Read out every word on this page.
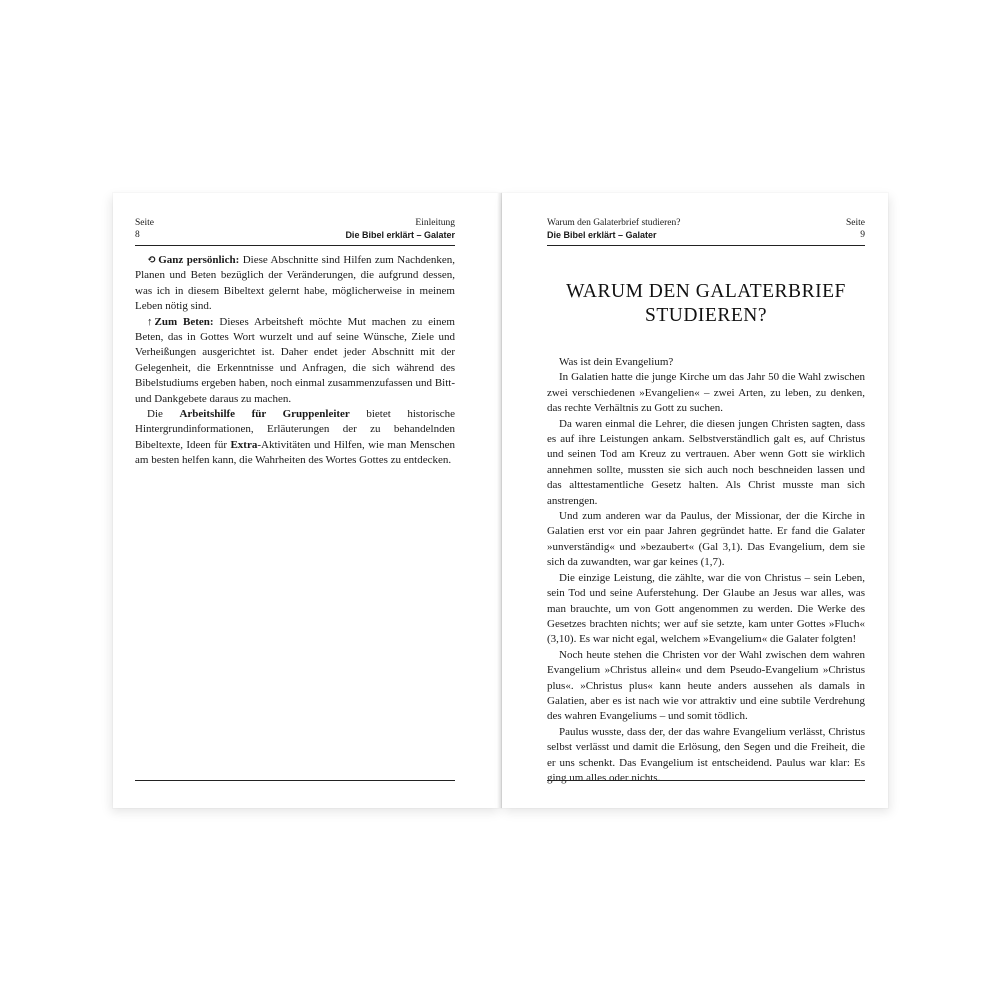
Seite	Einleitung
8	Die Bibel erklärt – Galater

⟲ Ganz persönlich: Diese Abschnitte sind Hilfen zum Nachdenken, Planen und Beten bezüglich der Veränderungen, die aufgrund dessen, was ich in diesem Bibeltext gelernt habe, möglicherweise in meinem Leben nötig sind.

↑ Zum Beten: Dieses Arbeitsheft möchte Mut machen zu einem Beten, das in Gottes Wort wurzelt und auf seine Wünsche, Ziele und Verheißungen ausgerichtet ist. Daher endet jeder Abschnitt mit der Gelegenheit, die Erkenntnisse und Anfragen, die sich während des Bibelstudiums ergeben haben, noch einmal zusammenzufassen und Bitt- und Dankgebete daraus zu machen.

Die Arbeitshilfe für Gruppenleiter bietet historische Hintergrundinformationen, Erläuterungen der zu behandelnden Bibeltexte, Ideen für Extra-Aktivitäten und Hilfen, wie man Menschen am besten helfen kann, die Wahrheiten des Wortes Gottes zu entdecken.

Warum den Galaterbrief studieren?	Seite
Die Bibel erklärt – Galater	9
WARUM DEN GALATERBRIEF
STUDIEREN?

Was ist dein Evangelium?

In Galatien hatte die junge Kirche um das Jahr 50 die Wahl zwischen zwei verschiedenen »Evangelien« – zwei Arten, zu leben, zu denken, das rechte Verhältnis zu Gott zu suchen.

Da waren einmal die Lehrer, die diesen jungen Christen sagten, dass es auf ihre Leistungen ankam. Selbstverständlich galt es, auf Christus und seinen Tod am Kreuz zu vertrauen. Aber wenn Gott sie wirklich annehmen sollte, mussten sie sich auch noch beschneiden lassen und das alttestamentliche Gesetz halten. Als Christ musste man sich anstrengen.

Und zum anderen war da Paulus, der Missionar, der die Kirche in Galatien erst vor ein paar Jahren gegründet hatte. Er fand die Galater »unverständig« und »bezaubert« (Gal 3,1). Das Evangelium, dem sie sich da zuwandten, war gar keines (1,7).

Die einzige Leistung, die zählte, war die von Christus – sein Leben, sein Tod und seine Auferstehung. Der Glaube an Jesus war alles, was man brauchte, um von Gott angenommen zu werden. Die Werke des Gesetzes brachten nichts; wer auf sie setzte, kam unter Gottes »Fluch« (3,10). Es war nicht egal, welchem »Evangelium« die Galater folgten!

Noch heute stehen die Christen vor der Wahl zwischen dem wahren Evangelium »Christus allein« und dem Pseudo-Evangelium »Christus plus«. »Christus plus« kann heute anders aussehen als damals in Galatien, aber es ist nach wie vor attraktiv und eine subtile Verdrehung des wahren Evangeliums – und somit tödlich.

Paulus wusste, dass der, der das wahre Evangelium verlässt, Christus selbst verlässt und damit die Erlösung, den Segen und die Freiheit, die er uns schenkt. Das Evangelium ist entscheidend. Paulus war klar: Es ging um alles oder nichts.
